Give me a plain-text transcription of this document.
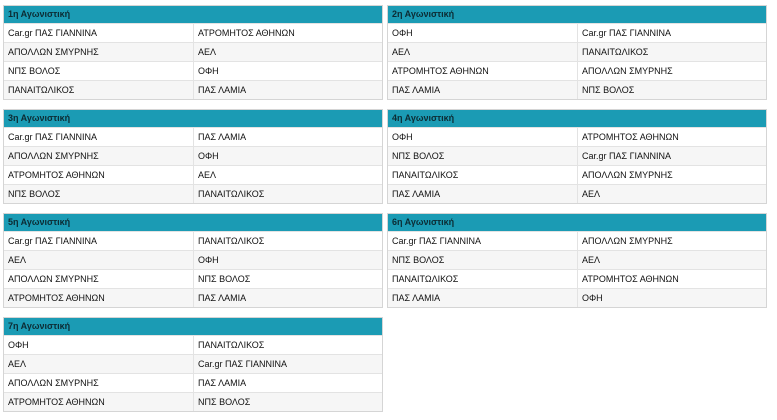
1η Αγωνιστική
Car.gr ΠΑΣ ΓΙΑΝΝΙΝΑ	ΑΤΡΟΜΗΤΟΣ ΑΘΗΝΩΝ
ΑΠΟΛΛΩΝ ΣΜΥΡΝΗΣ	ΑΕΛ
ΝΠΣ ΒΟΛΟΣ	ΟΦΗ
ΠΑΝΑΙΤΩΛΙΚΟΣ	ΠΑΣ ΛΑΜΙΑ
2η Αγωνιστική
ΟΦΗ	Car.gr ΠΑΣ ΓΙΑΝΝΙΝΑ
ΑΕΛ	ΠΑΝΑΙΤΩΛΙΚΟΣ
ΑΤΡΟΜΗΤΟΣ ΑΘΗΝΩΝ	ΑΠΟΛΛΩΝ ΣΜΥΡΝΗΣ
ΠΑΣ ΛΑΜΙΑ	ΝΠΣ ΒΟΛΟΣ
3η Αγωνιστική
Car.gr ΠΑΣ ΓΙΑΝΝΙΝΑ	ΠΑΣ ΛΑΜΙΑ
ΑΠΟΛΛΩΝ ΣΜΥΡΝΗΣ	ΟΦΗ
ΑΤΡΟΜΗΤΟΣ ΑΘΗΝΩΝ	ΑΕΛ
ΝΠΣ ΒΟΛΟΣ	ΠΑΝΑΙΤΩΛΙΚΟΣ
4η Αγωνιστική
ΟΦΗ	ΑΤΡΟΜΗΤΟΣ ΑΘΗΝΩΝ
ΝΠΣ ΒΟΛΟΣ	Car.gr ΠΑΣ ΓΙΑΝΝΙΝΑ
ΠΑΝΑΙΤΩΛΙΚΟΣ	ΑΠΟΛΛΩΝ ΣΜΥΡΝΗΣ
ΠΑΣ ΛΑΜΙΑ	ΑΕΛ
5η Αγωνιστική
Car.gr ΠΑΣ ΓΙΑΝΝΙΝΑ	ΠΑΝΑΙΤΩΛΙΚΟΣ
ΑΕΛ	ΟΦΗ
ΑΠΟΛΛΩΝ ΣΜΥΡΝΗΣ	ΝΠΣ ΒΟΛΟΣ
ΑΤΡΟΜΗΤΟΣ ΑΘΗΝΩΝ	ΠΑΣ ΛΑΜΙΑ
6η Αγωνιστική
Car.gr ΠΑΣ ΓΙΑΝΝΙΝΑ	ΑΠΟΛΛΩΝ ΣΜΥΡΝΗΣ
ΝΠΣ ΒΟΛΟΣ	ΑΕΛ
ΠΑΝΑΙΤΩΛΙΚΟΣ	ΑΤΡΟΜΗΤΟΣ ΑΘΗΝΩΝ
ΠΑΣ ΛΑΜΙΑ	ΟΦΗ
7η Αγωνιστική
ΟΦΗ	ΠΑΝΑΙΤΩΛΙΚΟΣ
ΑΕΛ	Car.gr ΠΑΣ ΓΙΑΝΝΙΝΑ
ΑΠΟΛΛΩΝ ΣΜΥΡΝΗΣ	ΠΑΣ ΛΑΜΙΑ
ΑΤΡΟΜΗΤΟΣ ΑΘΗΝΩΝ	ΝΠΣ ΒΟΛΟΣ
